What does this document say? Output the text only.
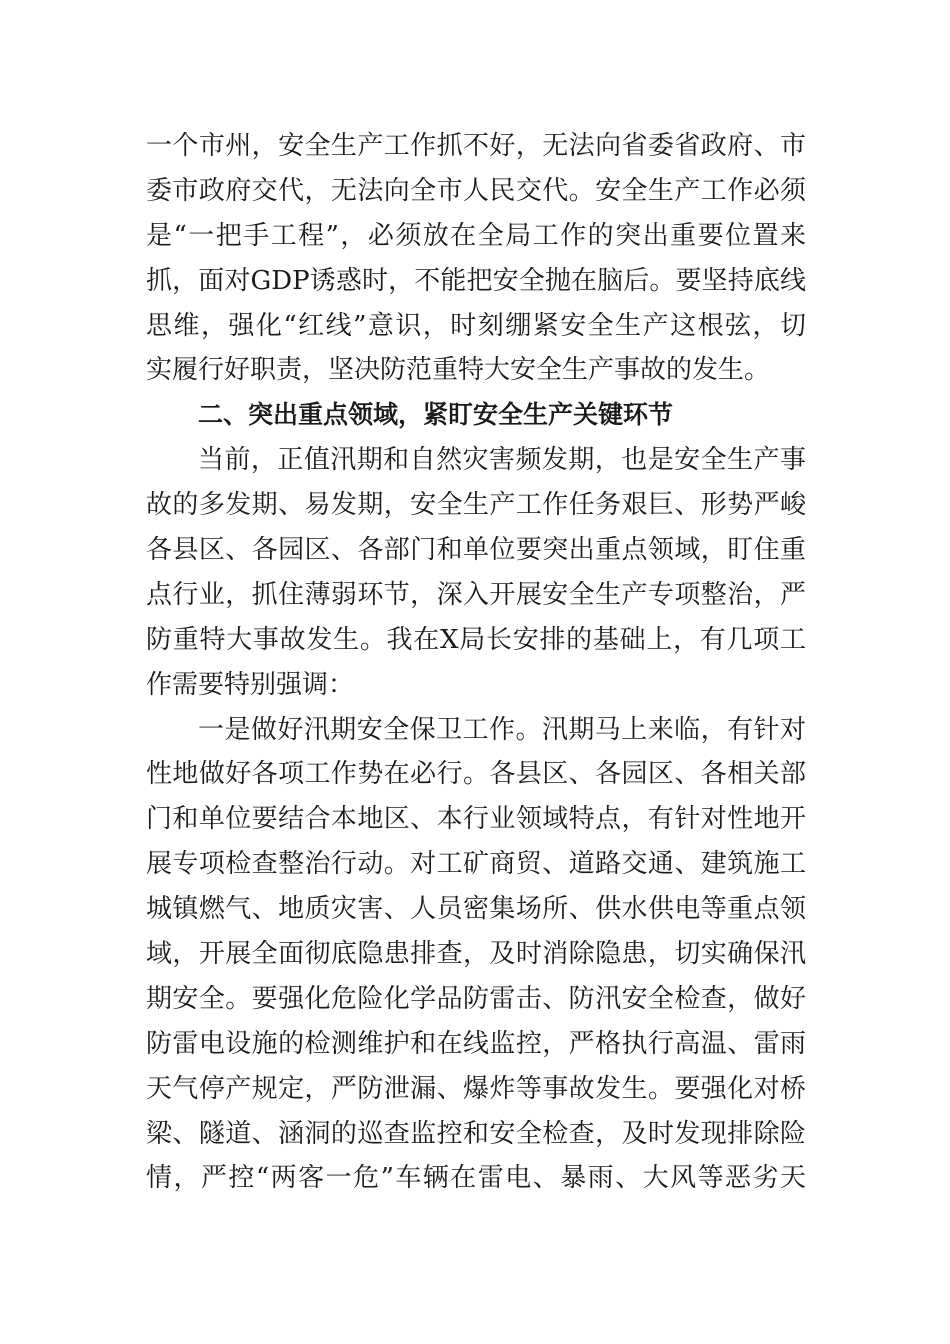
一个市州，安全生产工作抓不好，无法向省委省政府、市
委市政府交代，无法向全市人民交代。安全生产工作必须
是“一把手工程”，必须放在全局工作的突出重要位置来
抓，面对GDP诱惑时，不能把安全抛在脑后。要坚持底线
思维，强化“红线”意识，时刻绷紧安全生产这根弦，切
实履行好职责，坚决防范重特大安全生产事故的发生。
二、突出重点领域，紧盯安全生产关键环节
当前，正值汛期和自然灾害频发期，也是安全生产事
故的多发期、易发期，安全生产工作任务艰巨、形势严峻
各县区、各园区、各部门和单位要突出重点领域，盯住重
点行业，抓住薄弱环节，深入开展安全生产专项整治，严
防重特大事故发生。我在X局长安排的基础上，有几项工
作需要特别强调：
一是做好汛期安全保卫工作。汛期马上来临，有针对
性地做好各项工作势在必行。各县区、各园区、各相关部
门和单位要结合本地区、本行业领域特点，有针对性地开
展专项检查整治行动。对工矿商贸、道路交通、建筑施工
城镇燃气、地质灾害、人员密集场所、供水供电等重点领
域，开展全面彻底隐患排查，及时消除隐患，切实确保汛
期安全。要强化危险化学品防雷击、防汛安全检查，做好
防雷电设施的检测维护和在线监控，严格执行高温、雷雨
天气停产规定，严防泄漏、爆炸等事故发生。要强化对桥
梁、隧道、涵洞的巡查监控和安全检查，及时发现排除险
情，严控“两客一危”车辆在雷电、暴雨、大风等恶劣天
